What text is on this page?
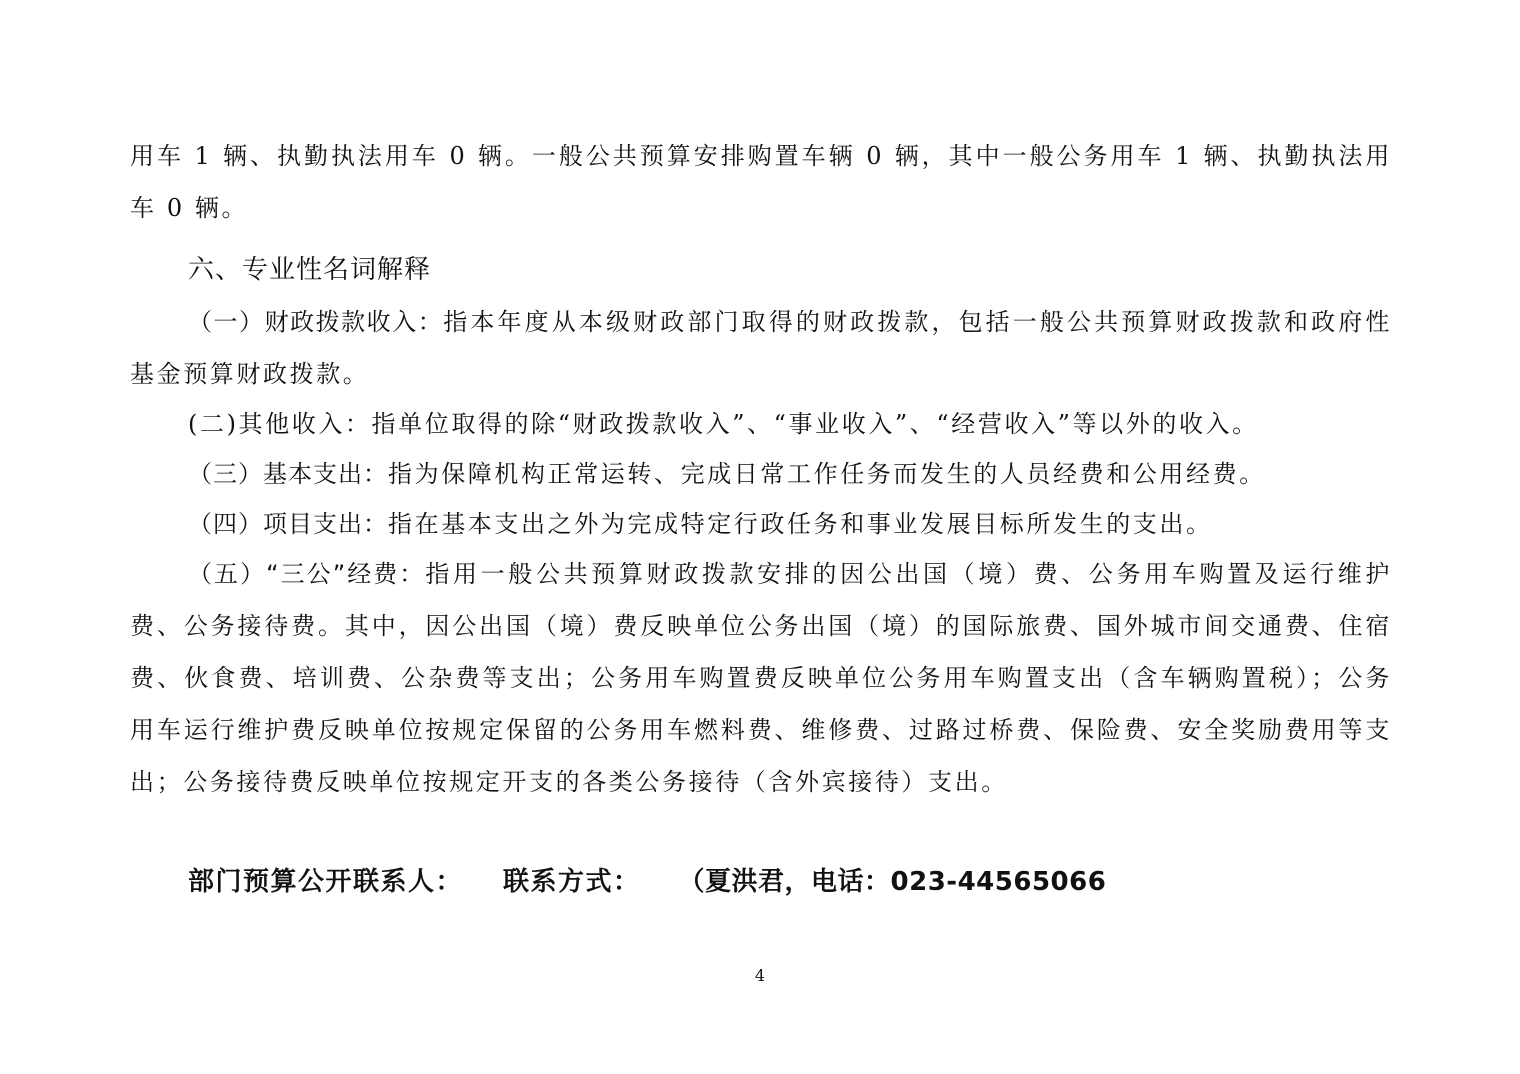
用车 1 辆、执勤执法用车 0 辆。一般公共预算安排购置车辆 0 辆，其中一般公务用车 1 辆、执勤执法用车 0 辆。

六、专业性名词解释

（一）财政拨款收入：指本年度从本级财政部门取得的财政拨款，包括一般公共预算财政拨款和政府性基金预算财政拨款。

(二)其他收入：指单位取得的除“财政拨款收入”、“事业收入”、“经营收入”等以外的收入。

（三）基本支出：指为保障机构正常运转、完成日常工作任务而发生的人员经费和公用经费。

（四）项目支出：指在基本支出之外为完成特定行政任务和事业发展目标所发生的支出。

（五）“三公”经费：指用一般公共预算财政拨款安排的因公出国（境）费、公务用车购置及运行维护费、公务接待费。其中，因公出国（境）费反映单位公务出国（境）的国际旅费、国外城市间交通费、住宿费、伙食费、培训费、公杂费等支出；公务用车购置费反映单位公务用车购置支出（含车辆购置税）；公务用车运行维护费反映单位按规定保留的公务用车燃料费、维修费、过路过桥费、保险费、安全奖励费用等支出；公务接待费反映单位按规定开支的各类公务接待（含外宾接待）支出。

部门预算公开联系人： 联系方式： （夏洪君，电话：023-44565066

4
